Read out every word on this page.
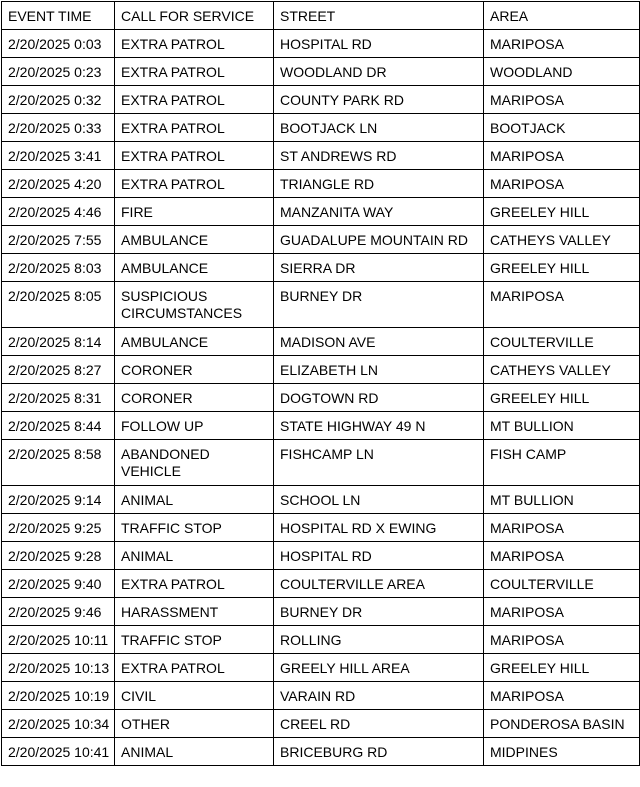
EVENT TIME	CALL FOR SERVICE	STREET	AREA
2/20/2025 0:03	EXTRA PATROL	HOSPITAL RD	MARIPOSA
2/20/2025 0:23	EXTRA PATROL	WOODLAND DR	WOODLAND
2/20/2025 0:32	EXTRA PATROL	COUNTY PARK RD	MARIPOSA
2/20/2025 0:33	EXTRA PATROL	BOOTJACK LN	BOOTJACK
2/20/2025 3:41	EXTRA PATROL	ST ANDREWS RD	MARIPOSA
2/20/2025 4:20	EXTRA PATROL	TRIANGLE RD	MARIPOSA
2/20/2025 4:46	FIRE	MANZANITA WAY	GREELEY HILL
2/20/2025 7:55	AMBULANCE	GUADALUPE MOUNTAIN RD	CATHEYS VALLEY
2/20/2025 8:03	AMBULANCE	SIERRA DR	GREELEY HILL
2/20/2025 8:05	SUSPICIOUS CIRCUMSTANCES	BURNEY DR	MARIPOSA
2/20/2025 8:14	AMBULANCE	MADISON AVE	COULTERVILLE
2/20/2025 8:27	CORONER	ELIZABETH LN	CATHEYS VALLEY
2/20/2025 8:31	CORONER	DOGTOWN RD	GREELEY HILL
2/20/2025 8:44	FOLLOW UP	STATE HIGHWAY 49 N	MT BULLION
2/20/2025 8:58	ABANDONED VEHICLE	FISHCAMP LN	FISH CAMP
2/20/2025 9:14	ANIMAL	SCHOOL LN	MT BULLION
2/20/2025 9:25	TRAFFIC STOP	HOSPITAL RD X EWING	MARIPOSA
2/20/2025 9:28	ANIMAL	HOSPITAL RD	MARIPOSA
2/20/2025 9:40	EXTRA PATROL	COULTERVILLE AREA	COULTERVILLE
2/20/2025 9:46	HARASSMENT	BURNEY DR	MARIPOSA
2/20/2025 10:11	TRAFFIC STOP	ROLLING	MARIPOSA
2/20/2025 10:13	EXTRA PATROL	GREELY HILL AREA	GREELEY HILL
2/20/2025 10:19	CIVIL	VARAIN RD	MARIPOSA
2/20/2025 10:34	OTHER	CREEL RD	PONDEROSA BASIN
2/20/2025 10:41	ANIMAL	BRICEBURG RD	MIDPINES
